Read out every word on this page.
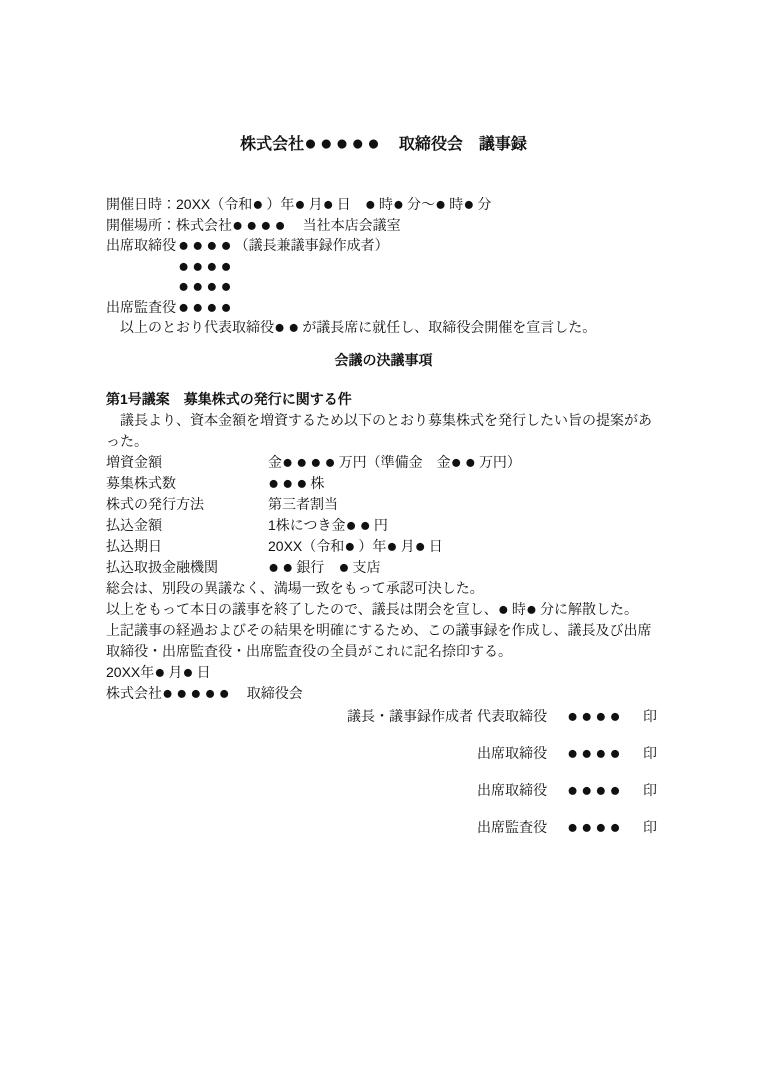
株式会社●●●●●　取締役会　議事録
開催日時：20XX（令和●）年●月●日　●時●分～●時●分
開催場所：株式会社●●●●　当社本店会議室
出席取締役 ●●●●（議長兼議事録作成者）
●●●●
●●●●
出席監査役 ●●●●
以上のとおり代表取締役●●が議長席に就任し、取締役会開催を宣言した。
会議の決議事項
第1号議案　募集株式の発行に関する件
議長より、資本金額を増資するため以下のとおり募集株式を発行したい旨の提案があった。
増資金額	金●●●●万円（準備金　金●●万円）
募集株式数	●●●株
株式の発行方法	第三者割当
払込金額	1株につき金●●円
払込期日	20XX（令和●）年●月●日
払込取扱金融機関	●●銀行　●支店
総会は、別段の異議なく、満場一致をもって承認可決した。
以上をもって本日の議事を終了したので、議長は閉会を宣し、●時●分に解散した。
上記議事の経過およびその結果を明確にするため、この議事録を作成し、議長及び出席取締役・出席監査役・出席監査役の全員がこれに記名捺印する。
20XX年●月●日
株式会社●●●●●　取締役会
議長・議事録作成者 代表取締役	●●●●	印
出席取締役	●●●●	印
出席取締役	●●●●	印
出席監査役	●●●●	印
